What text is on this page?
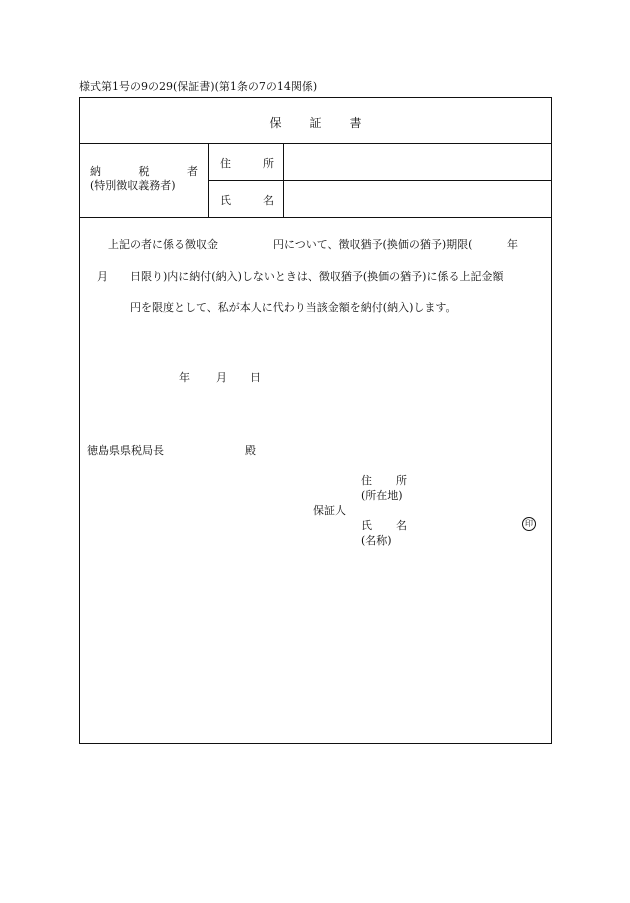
様式第1号の9の29(保証書)(第1条の7の14関係)
保証書
納	税	者
(特別徴収義務者)
住	所
氏	名
上記の者に係る徴収金	円について、徴収猶予(換価の猶予)期限(	年
月 日限り)内に納付(納入)しないときは、徴収猶予(換価の猶予)に係る上記金額
円を限度として、私が本人に代わり当該金額を納付(納入)します。
年 月 日
徳島県県税局長	殿
住 所
(所在地)
保証人
氏 名
(名称)
印
